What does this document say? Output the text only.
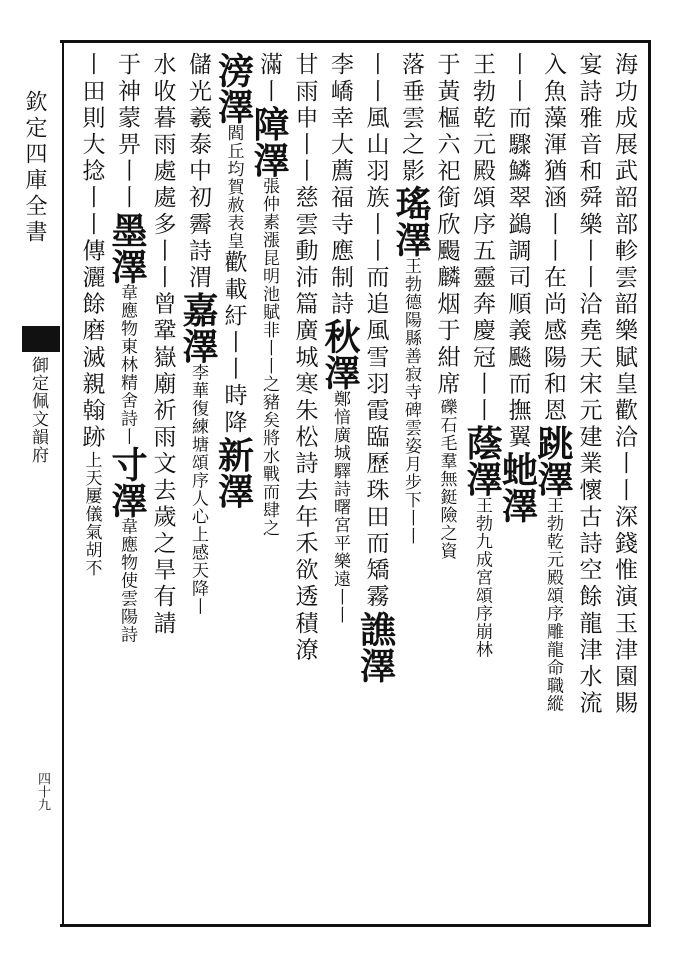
欽定四庫全書
御定佩文韻府
四十九
海功成展武韶部軫雲韶樂賦皇歡洽丨丨深錢惟演玉津園賜
宴詩雅音和舜樂丨丨洽堯天宋元建業懷古詩空餘龍津水流
入魚藻渾猶涵丨丨在尚感陽和恩跳澤王勃乾元殿頌序雕龍命職縱
丨丨而驟鱗翠鷁調司順義飈而撫翼虵澤
王勃乾元殿頌序五靈奔慶冠丨丨蔭澤王勃九成宮頌序崩林
于黃樞六祀銜欣颺麟烟于紺席礫石毛羣無鋌險之資
落垂雲之影瑤澤王勃德陽縣善寂寺碑雲姿月步下丨丨
丨丨風山羽族丨丨而追風雪羽霞臨歷珠田而矯霧譙澤
李嶠幸大薦福寺應制詩秋澤鄭愔廣城驛詩曙宮平樂遠丨丨
甘雨申丨丨慈雲動沛篇廣城寒朱松詩去年禾欲透積潦
滿丨障澤張仲素漲昆明池賦非丨丨之豬矣將水戰而肆之
滂澤閻丘均賀赦表皇歡載紆丨丨時降新澤
儲光羲泰中初霽詩渭嘉澤李華復練塘頌序人心上感天降丨
水收暮雨處處多丨丨曾鞏嶽廟祈雨文去歲之旱有請
于神蒙畀丨丨墨澤韋應物東林精舍詩丨寸澤韋應物使雲陽詩
丨田則大捻丨丨傳灑餘磨滅親翰跡上天屢儀氣胡不
